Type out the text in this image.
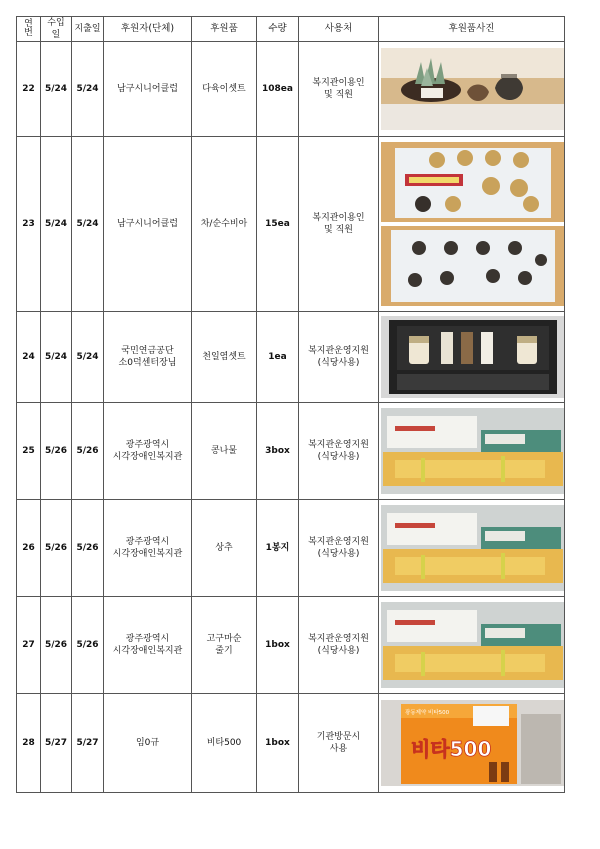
연
번	수입일	지출일	후원자(단체)	후원품	수량	사용처	후원품사진
22	5/24	5/24	남구시니어클럽	다육이셋트	108ea	복지관이용인
및 직원	

23	5/24	5/24	남구시니어클럽	차/순수비아	15ea	복지관이용인
및 직원	

24	5/24	5/24	국민연금공단
소0덕센터장님	천일염셋트	1ea	복지관운영지원
(식당사용)	

25	5/26	5/26	광주광역시
시각장애인복지관	콩나물	3box	복지관운영지원
(식당사용)	

26	5/26	5/26	광주광역시
시각장애인복지관	상추	1봉지	복지관운영지원
(식당사용)	

27	5/26	5/26	광주광역시
시각장애인복지관	고구마순
줄기	1box	복지관운영지원
(식당사용)	

28	5/27	5/27	임0규	비타500	1box	기관방문시
사용	광동제약 비타500
비타500
